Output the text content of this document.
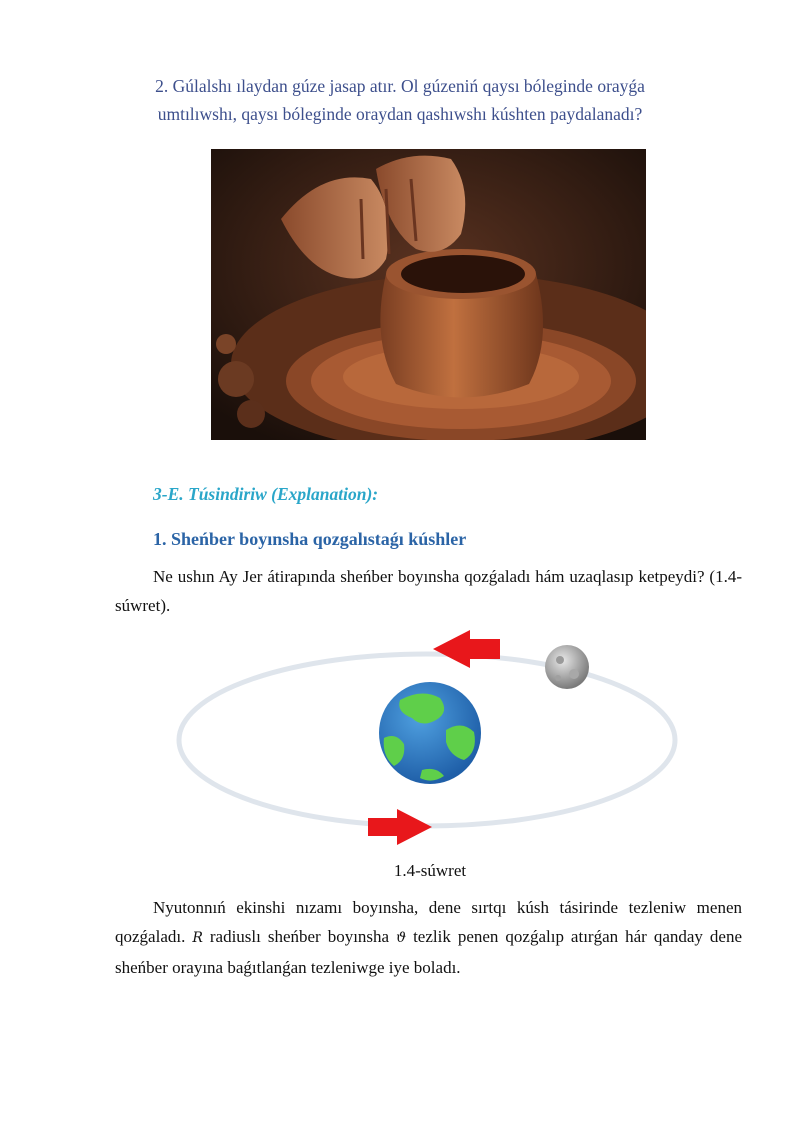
2. Gúlalshı ılaydan gúze jasap atır. Ol gúzeniń qaysı bóleginde orayǵa umtılıwshı, qaysı bóleginde oraydan qashıwshı kúshten paydalanadı?
3-E. Túsindiriw (Explanation):
1. Sheńber boyınsha qozgalıstaǵı kúshler
Ne ushın Ay Jer átirapında sheńber boyınsha qozǵaladı hám uzaqlasıp ketpeydi? (1.4-súwret).
1.4-súwret
Nyutonnıń ekinshi nızamı boyınsha, dene sırtqı kúsh tásirinde tezleniw menen qozǵaladı. R radiuslı sheńber boyınsha ϑ tezlik penen qozǵalıp atırǵan hár qanday dene sheńber orayına baǵıtlanǵan tezleniwge iye boladı.
